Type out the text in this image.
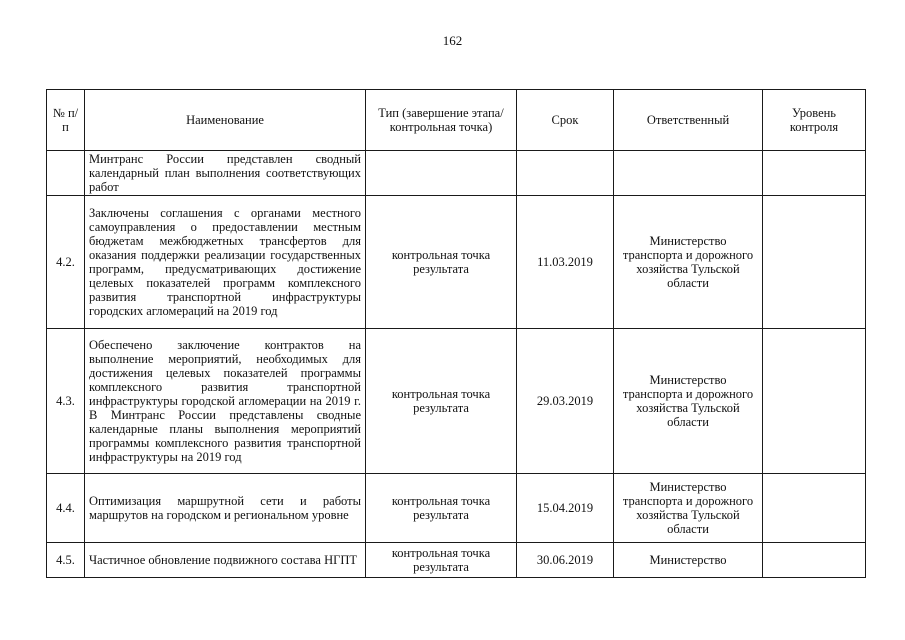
162
№ п/п	Наименование	Тип (завершение этапа/контрольная точка)	Срок	Ответственный	Уровень контроля
	Минтранс России представлен сводный календарный план выполнения соответствующих работ				
4.2.	Заключены соглашения с органами местного самоуправления о предоставлении местным бюджетам межбюджетных трансфертов для оказания поддержки реализации государственных программ, предусматривающих достижение целевых показателей программ комплексного развития транспортной инфраструктуры городских агломераций на 2019 год	контрольная точка результата	11.03.2019	Министерство транспорта и дорожного хозяйства Тульской области	
4.3.	Обеспечено заключение контрактов на выполнение мероприятий, необходимых для достижения целевых показателей программы комплексного развития транспортной инфраструктуры городской агломерации на 2019 г. В Минтранс России представлены сводные календарные планы выполнения мероприятий программы комплексного развития транспортной инфраструктуры на 2019 год	контрольная точка результата	29.03.2019	Министерство транспорта и дорожного хозяйства Тульской области	
4.4.	Оптимизация маршрутной сети и работы маршрутов на городском и региональном уровне	контрольная точка результата	15.04.2019	Министерство транспорта и дорожного хозяйства Тульской области	
4.5.	Частичное обновление подвижного состава НГПТ	контрольная точка результата	30.06.2019	Министерство	
